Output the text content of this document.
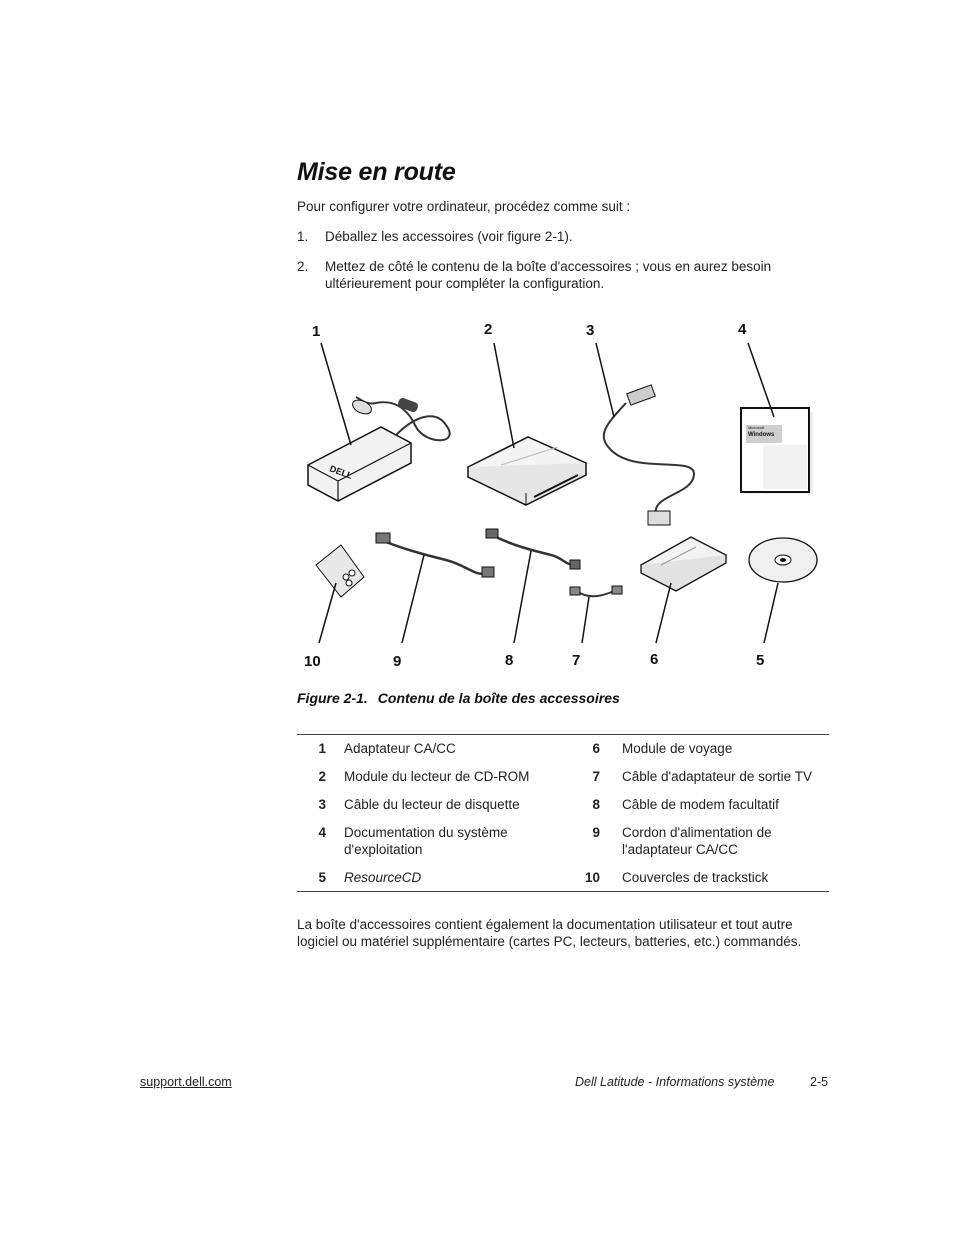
Mise en route
Pour configurer votre ordinateur, procédez comme suit :
1. Déballez les accessoires (voir figure 2-1).
2. Mettez de côté le contenu de la boîte d'accessoires ; vous en aurez besoin ultérieurement pour compléter la configuration.
DELL
Microsoft
Windows
1	2	3	4
10	9	8	7	6	5
Figure 2-1. Contenu de la boîte des accessoires
1	Adaptateur CA/CC	6	Module de voyage
2	Module du lecteur de CD-ROM	7	Câble d'adaptateur de sortie TV
3	Câble du lecteur de disquette	8	Câble de modem facultatif
4	Documentation du système d'exploitation	9	Cordon d'alimentation de l'adaptateur CA/CC
5	ResourceCD	10	Couvercles de trackstick
La boîte d'accessoires contient également la documentation utilisateur et tout autre logiciel ou matériel supplémentaire (cartes PC, lecteurs, batteries, etc.) commandés.
support.dell.com	Dell Latitude - Informations système	2-5
